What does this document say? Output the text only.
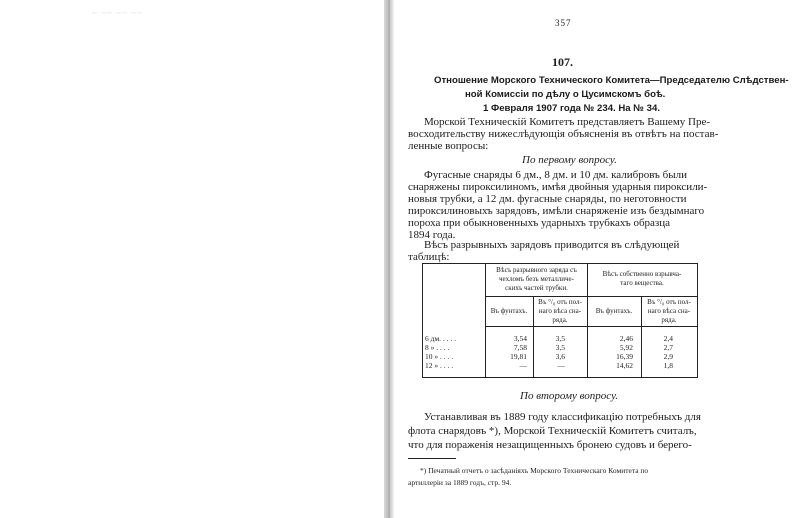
~ ~~ ~~ ~~
357
107.
Отношение Морского Технического Комитета—Председателю Слѣдствен-
ной Комиссіи по дѣлу о Цусимскомъ боѣ.
1 Февраля 1907 года № 234. На № 34.
Морской Техническій Комитетъ представляетъ Вашему Пре-
восходительству нижеслѣдующія объясненія въ отвѣтъ на постав-
ленные вопросы:
По первому вопросу.
Фугасные снаряды 6 дм., 8 дм. и 10 дм. калибровъ были
снаряжены пироксилиномъ, имѣя двойныя ударныя пироксили-
новыя трубки, а 12 дм. фугасные снаряды, по неготовности
пироксилиновыхъ зарядовъ, имѣли снаряженіе изъ бездымнаго
пороха при обыкновенныхъ ударныхъ трубкахъ образца
1894 года.
Вѣсъ разрывного заряда съ
чехломъ безъ металличе-
скихъ частей трубки.
Вѣсъ собственно взрывча-
таго вещества.
Въ фунтахъ.
Въ °/₀ отъ пол-
наго вѣса сна-
ряда.
Въ фунтахъ.
Въ °/₀ отъ пол-
наго вѣса сна-
ряда.
6 дм. . . . .	3,54	3,5	2,46	2,4
8 » . . . .	7,58	3,5	5,92	2,7
10 » . . . .	19,81	3,6	16,39	2,9
12 » . . . .	—	—	14,62	1,8
По второму вопросу.
Устанавливая въ 1889 году классификацію потребныхъ для
флота снарядовъ *), Морской Техническій Комитетъ считалъ,
что для пораженія незащищенныхъ бронею судовъ и берего-
*) Печатный отчетъ о засѣданіяхъ Морского Техническаго Комитета по
артиллеріи за 1889 годъ, стр. 94.
Вѣсъ разрывныхъ зарядовъ приводится въ слѣдующей
таблицѣ:
